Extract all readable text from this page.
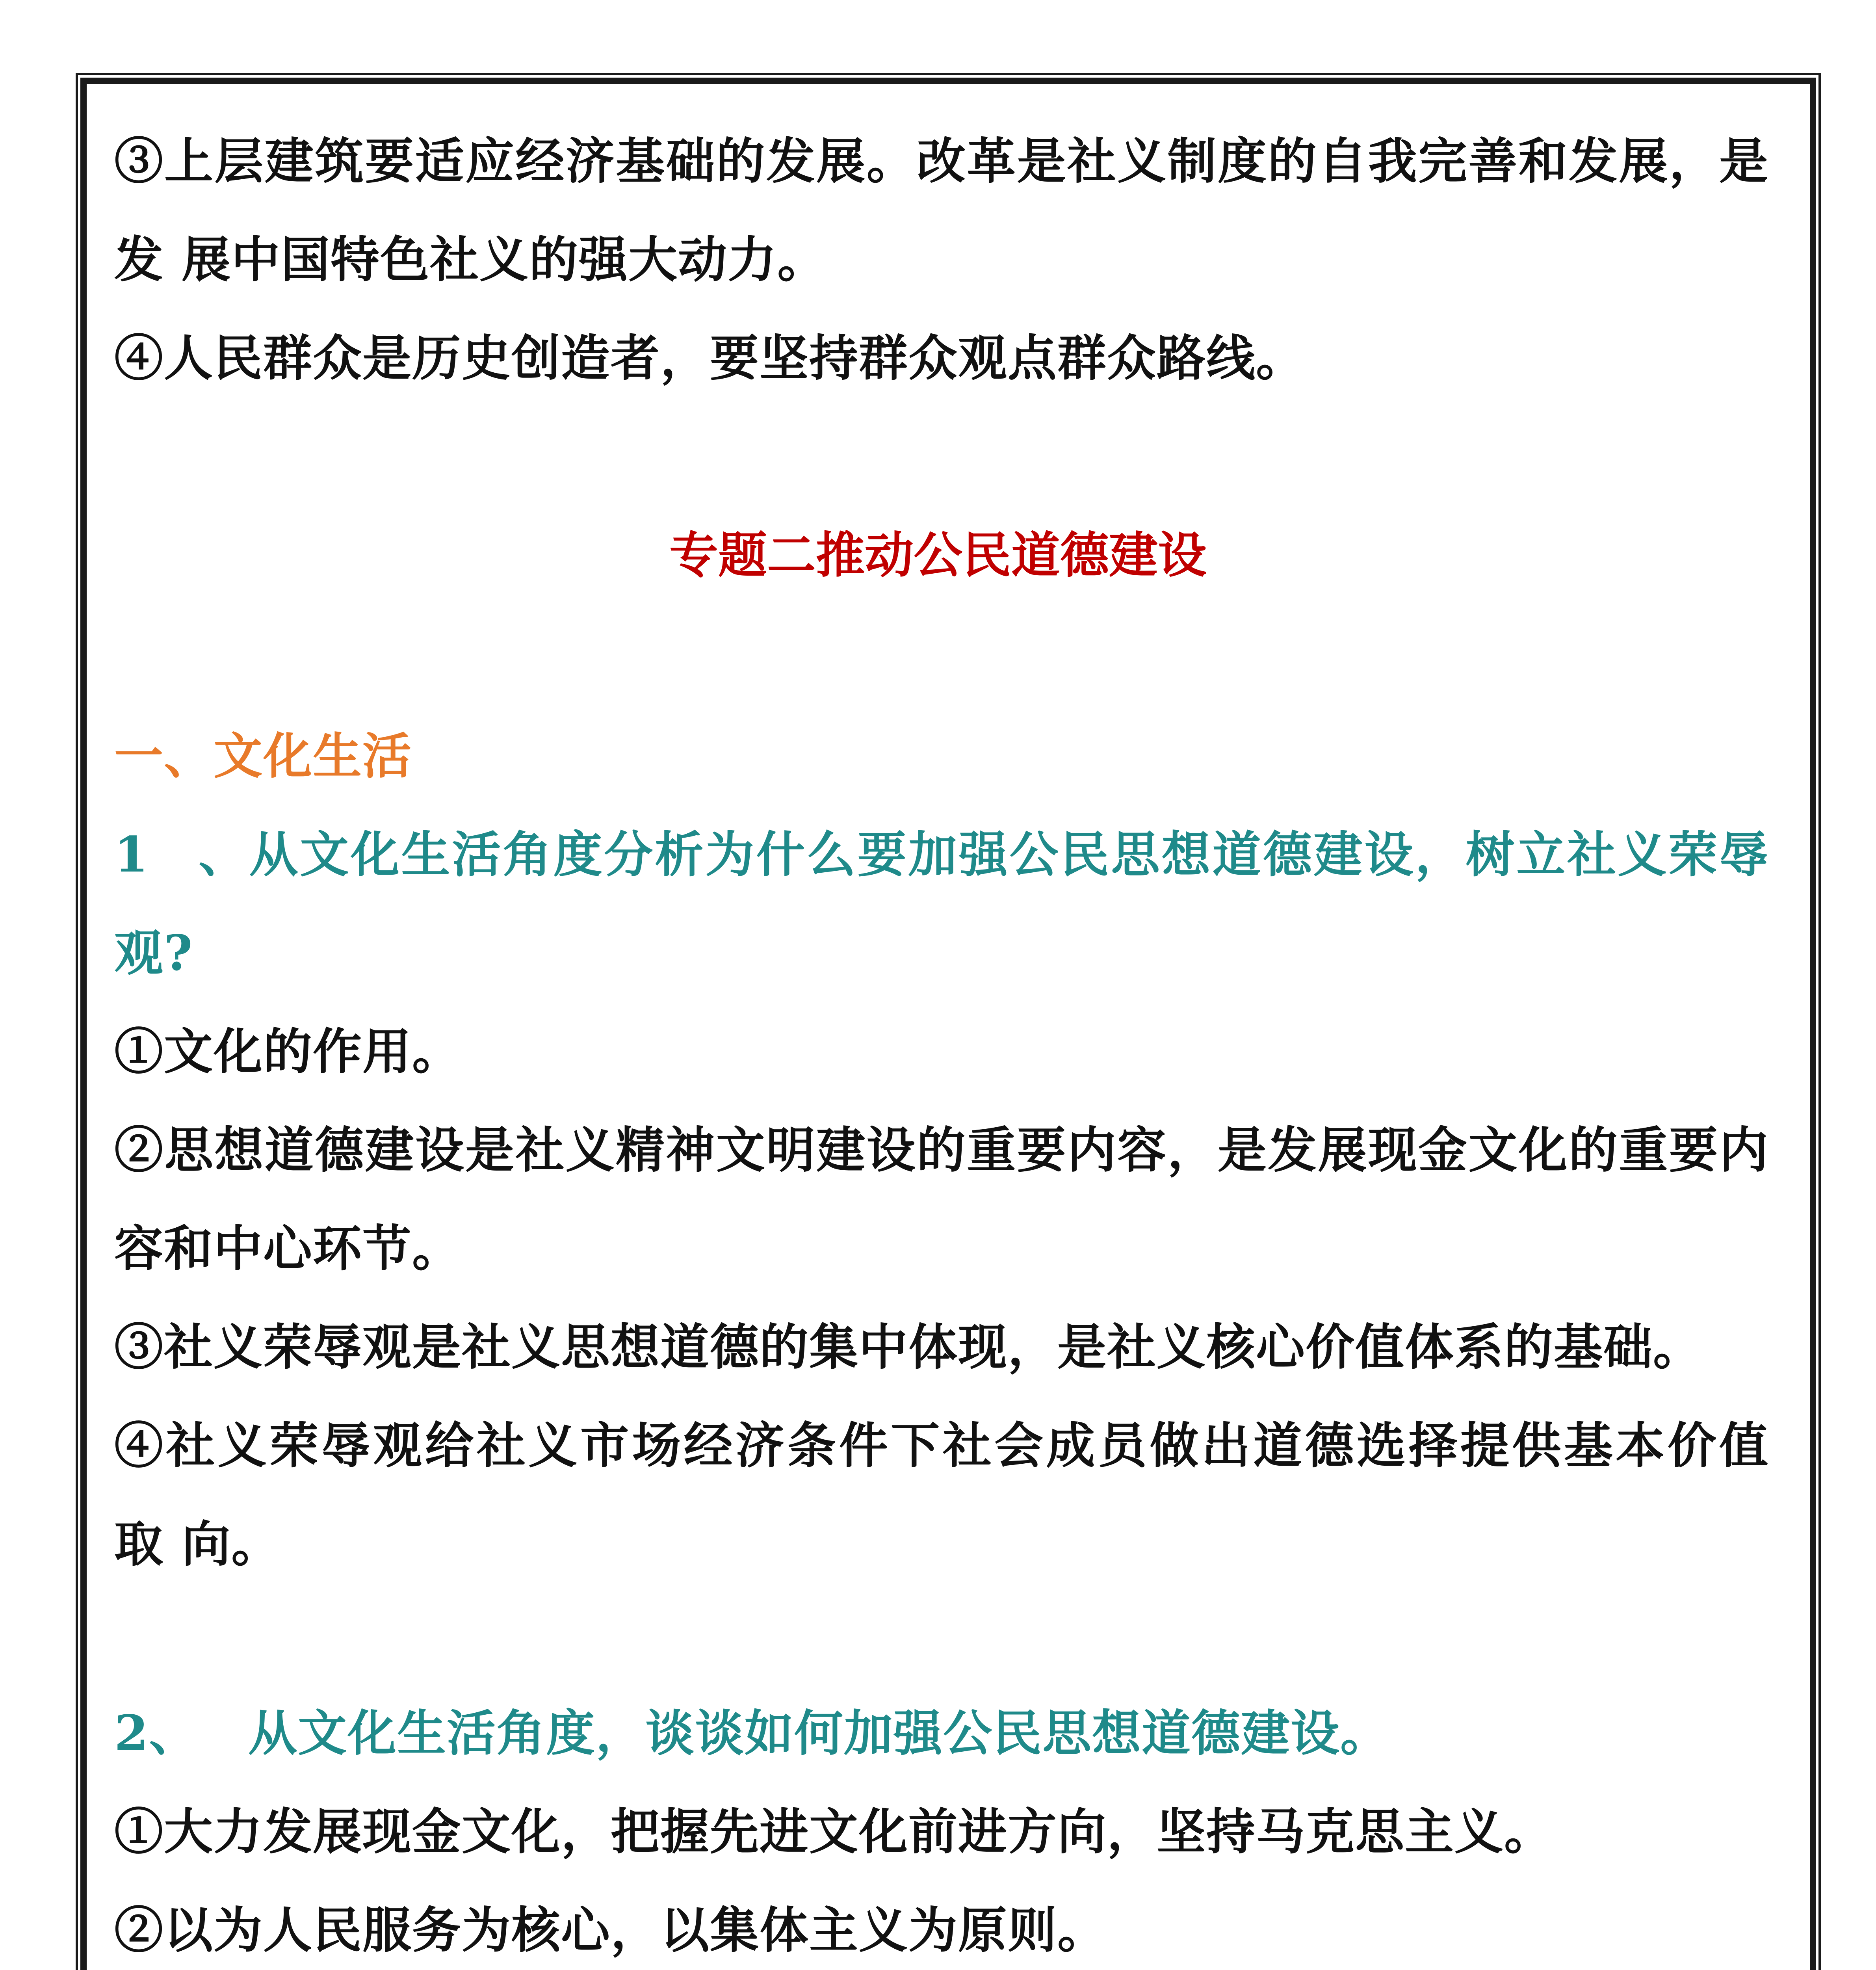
③上层建筑要适应经济基础的发展。改革是社义制度的自我完善和发展，是
发 展中国特色社义的强大动力。
④人民群众是历史创造者，要坚持群众观点群众路线。
专题二推动公民道德建设
一、文化生活
1、从文化生活角度分析为什么要加强公民思想道德建设，树立社义荣辱
观?
①文化的作用。
②思想道德建设是社义精神文明建设的重要内容，是发展现金文化的重要内
容和中心环节。
③社义荣辱观是社义思想道德的集中体现，是社义核心价值体系的基础。
④社义荣辱观给社义市场经济条件下社会成员做出道德选择提供基本价值
取 向。
2、 从文化生活角度，谈谈如何加强公民思想道德建设。
①大力发展现金文化，把握先进文化前进方向，坚持马克思主义。
②以为人民服务为核心，以集体主义为原则。
